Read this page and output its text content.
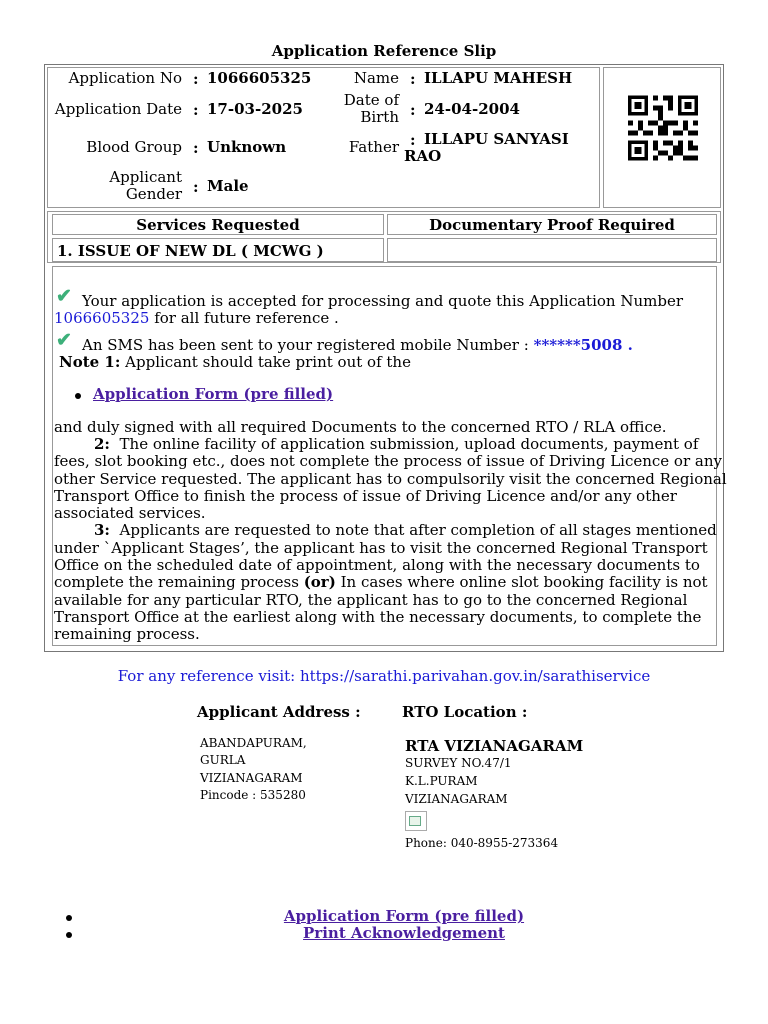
Application Reference Slip
Application No : 1066605325
Application Date : 17-03-2025
Blood Group : Unknown
Applicant
Gender : Male
Name : ILLAPU MAHESH
Date of
Birth : 24-04-2004
Father : ILLAPU SANYASI
RAO
Services Requested	Documentary Proof Required
1. ISSUE OF NEW DL ( MCWG )
✔ Your application is accepted for processing and quote this Application Number
1066605325 for all future reference .
✔ An SMS has been sent to your registered mobile Number : ******5008 .
Note 1: Applicant should take print out of the
Application Form (pre filled)
and duly signed with all required Documents to the concerned RTO / RLA office.
2: The online facility of application submission, upload documents, payment of
fees, slot booking etc., does not complete the process of issue of Driving Licence or any
other Service requested. The applicant has to compulsorily visit the concerned Regional
Transport Office to finish the process of issue of Driving Licence and/or any other
associated services.
3: Applicants are requested to note that after completion of all stages mentioned
under `Applicant Stages’, the applicant has to visit the concerned Regional Transport
Office on the scheduled date of appointment, along with the necessary documents to
complete the remaining process (or) In cases where online slot booking facility is not
available for any particular RTO, the applicant has to go to the concerned Regional
Transport Office at the earliest along with the necessary documents, to complete the
remaining process.
For any reference visit: https://sarathi.parivahan.gov.in/sarathiservice
Applicant Address :	RTO Location :
ABANDAPURAM,
GURLA
VIZIANAGARAM
Pincode : 535280
RTA VIZIANAGARAM
SURVEY NO.47/1
K.L.PURAM
VIZIANAGARAM
Phone: 040-8955-273364
Application Form (pre filled)
Print Acknowledgement
